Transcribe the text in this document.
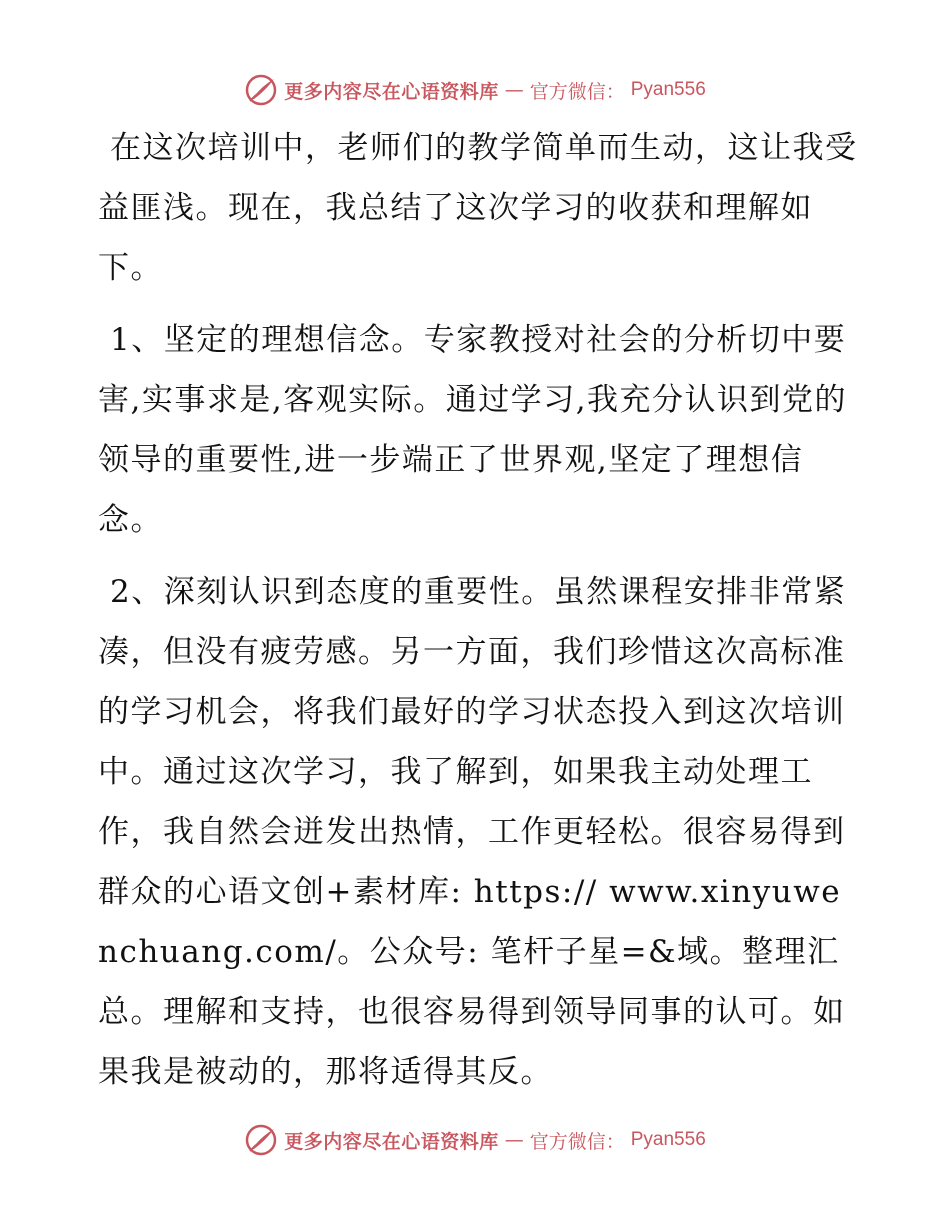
更多内容尽在心语资料库 — 官方微信： Pyan556

在这次培训中，老师们的教学简单而生动，这让我受益匪浅。现在，我总结了这次学习的收获和理解如下。

1、坚定的理想信念。专家教授对社会的分析切中要害,实事求是,客观实际。通过学习,我充分认识到党的领导的重要性,进一步端正了世界观,坚定了理想信念。

2、深刻认识到态度的重要性。虽然课程安排非常紧凑，但没有疲劳感。另一方面，我们珍惜这次高标准的学习机会，将我们最好的学习状态投入到这次培训中。通过这次学习，我了解到，如果我主动处理工作，我自然会迸发出热情，工作更轻松。很容易得到群众的心语文创+素材库: https:// www.xinyuwenchuang.com/。公众号: 笔杆子星=&域。整理汇总。理解和支持，也很容易得到领导同事的认可。如果我是被动的，那将适得其反。

更多内容尽在心语资料库 — 官方微信： Pyan556
